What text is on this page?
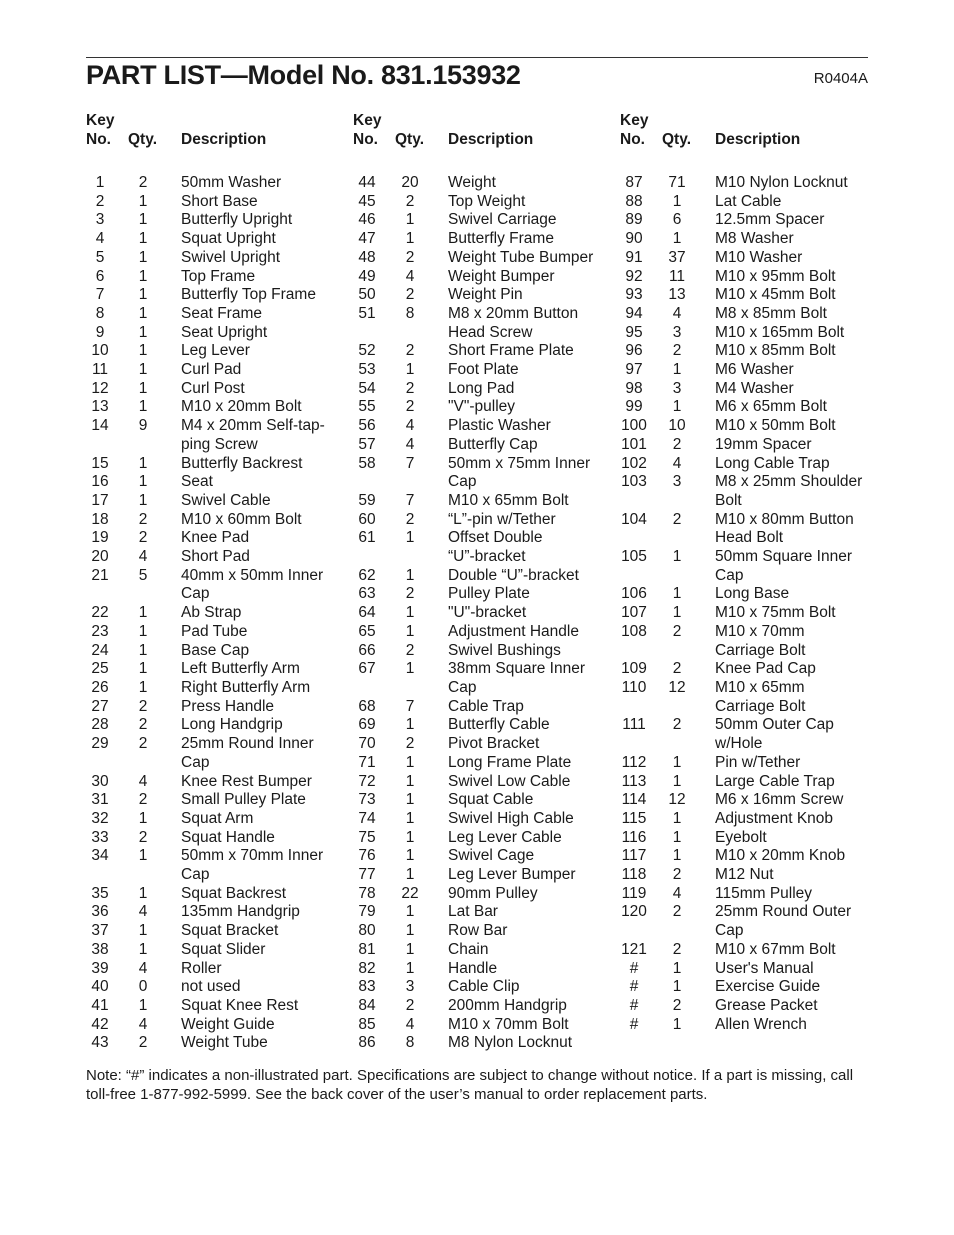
PART LIST—Model No. 831.153932	R0404A
Key
No.	Qty. Description
1	2	50mm Washer
2	1	Short Base
3	1	Butterfly Upright
4	1	Squat Upright
5	1	Swivel Upright
6	1	Top Frame
7	1	Butterfly Top Frame
8	1	Seat Frame
9	1	Seat Upright
10	1	Leg Lever
11	1	Curl Pad
12	1	Curl Post
13	1	M10 x 20mm Bolt
14	9	M4 x 20mm Self-tap-
ping Screw
15	1	Butterfly Backrest
16	1	Seat
17	1	Swivel Cable
18	2	M10 x 60mm Bolt
19	2	Knee Pad
20	4	Short Pad
21	5	40mm x 50mm Inner
Cap
22	1	Ab Strap
23	1	Pad Tube
24	1	Base Cap
25	1	Left Butterfly Arm
26	1	Right Butterfly Arm
27	2	Press Handle
28	2	Long Handgrip
29	2	25mm Round Inner
Cap
30	4	Knee Rest Bumper
31	2	Small Pulley Plate
32	1	Squat Arm
33	2	Squat Handle
34	1	50mm x 70mm Inner
Cap
35	1	Squat Backrest
36	4	135mm Handgrip
37	1	Squat Bracket
38	1	Squat Slider
39	4	Roller
40	0	not used
41	1	Squat Knee Rest
42	4	Weight Guide
43	2	Weight Tube
Key
No.	Qty. Description
44	20 Weight
45	2	Top Weight
46	1	Swivel Carriage
47	1	Butterfly Frame
48	2	Weight Tube Bumper
49	4	Weight Bumper
50	2	Weight Pin
51	8	M8 x 20mm Button
Head Screw
52	2	Short Frame Plate
53	1	Foot Plate
54	2	Long Pad
55	2	"V"-pulley
56	4	Plastic Washer
57	4	Butterfly Cap
58	7	50mm x 75mm Inner
Cap
59	7	M10 x 65mm Bolt
60	2	“L”-pin w/Tether
61	1	Offset Double
“U”-bracket
62	1	Double “U”-bracket
63	2	Pulley Plate
64	1	"U"-bracket
65	1	Adjustment Handle
66	2	Swivel Bushings
67	1	38mm Square Inner
Cap
68	7	Cable Trap
69	1	Butterfly Cable
70	2	Pivot Bracket
71	1	Long Frame Plate
72	1	Swivel Low Cable
73	1	Squat Cable
74	1	Swivel High Cable
75	1	Leg Lever Cable
76	1	Swivel Cage
77	1	Leg Lever Bumper
78	22 90mm Pulley
79	1	Lat Bar
80	1	Row Bar
81	1	Chain
82	1	Handle
83	3	Cable Clip
84	2	200mm Handgrip
85	4	M10 x 70mm Bolt
86	8	M8 Nylon Locknut
Key
No.	Qty. Description
87	71 M10 Nylon Locknut
88	1	Lat Cable
89	6	12.5mm Spacer
90	1	M8 Washer
91	37 M10 Washer
92	11	M10 x 95mm Bolt
93	13 M10 x 45mm Bolt
94	4	M8 x 85mm Bolt
95	3	M10 x 165mm Bolt
96	2	M10 x 85mm Bolt
97	1	M6 Washer
98	3	M4 Washer
99	1	M6 x 65mm Bolt
100 10 M10 x 50mm Bolt
101	2	19mm Spacer
102	4	Long Cable Trap
103	3	M8 x 25mm Shoulder
Bolt
104	2	M10 x 80mm Button
Head Bolt
105	1	50mm Square Inner
Cap
106	1	Long Base
107	1	M10 x 75mm Bolt
108	2	M10 x 70mm
Carriage Bolt
109	2	Knee Pad Cap
110 12 M10 x 65mm
Carriage Bolt
111	2	50mm Outer Cap
w/Hole
112	1	Pin w/Tether
113	1	Large Cable Trap
114 12 M6 x 16mm Screw
115	1	Adjustment Knob
116	1	Eyebolt
117	1	M10 x 20mm Knob
118	2	M12 Nut
119	4	115mm Pulley
120	2	25mm Round Outer
Cap
121	2	M10 x 67mm Bolt
#	1	User's Manual
#	1	Exercise Guide
#	2	Grease Packet
#	1	Allen Wrench
Note: “#” indicates a non-illustrated part. Specifications are subject to change without notice. If a part is missing, call toll-free 1-877-992-5999. See the back cover of the user’s manual to order replacement parts.
